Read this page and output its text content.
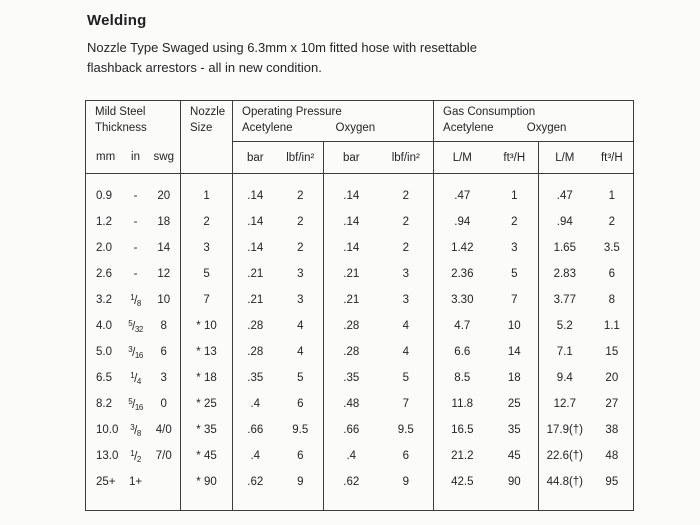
Welding

Nozzle Type Swaged using 6.3mm x 10m fitted hose with resettable
flashback arrestors - all in new condition.

Mild Steel
Thickness

Nozzle
Size

Operating Pressure
Acetylene	Oxygen

Gas Consumption
Acetylene	Oxygen

mm	in	swg		bar	lbf/in²	bar	lbf/in²	L/M	ft³/H	L/M	ft³/H
0.9	-	20	1	.14	2	.14	2	.47	1	.47	1
1.2	-	18	2	.14	2	.14	2	.94	2	.94	2
2.0	-	14	3	.14	2	.14	2	1.42	3	1.65	3.5
2.6	-	12	5	.21	3	.21	3	2.36	5	2.83	6
3.2	$^1/_8$	10	7	.21	3	.21	3	3.30	7	3.77	8
4.0	$^5/_{32}$	8	* 10	.28	4	.28	4	4.7	10	5.2	1.1
5.0	$^3/_{16}$	6	* 13	.28	4	.28	4	6.6	14	7.1	15
6.5	$^1/_4$	3	* 18	.35	5	.35	5	8.5	18	9.4	20
8.2	$^5/_{16}$	0	* 25	.4	6	.48	7	11.8	25	12.7	27
10.0	$^3/_8$	4/0	* 35	.66	9.5	.66	9.5	16.5	35	17.9(†)	38
13.0	$^1/_2$	7/0	* 45	.4	6	.4	6	21.2	45	22.6(†)	48
25+	1+		* 90	.62	9	.62	9	42.5	90	44.8(†)	95
